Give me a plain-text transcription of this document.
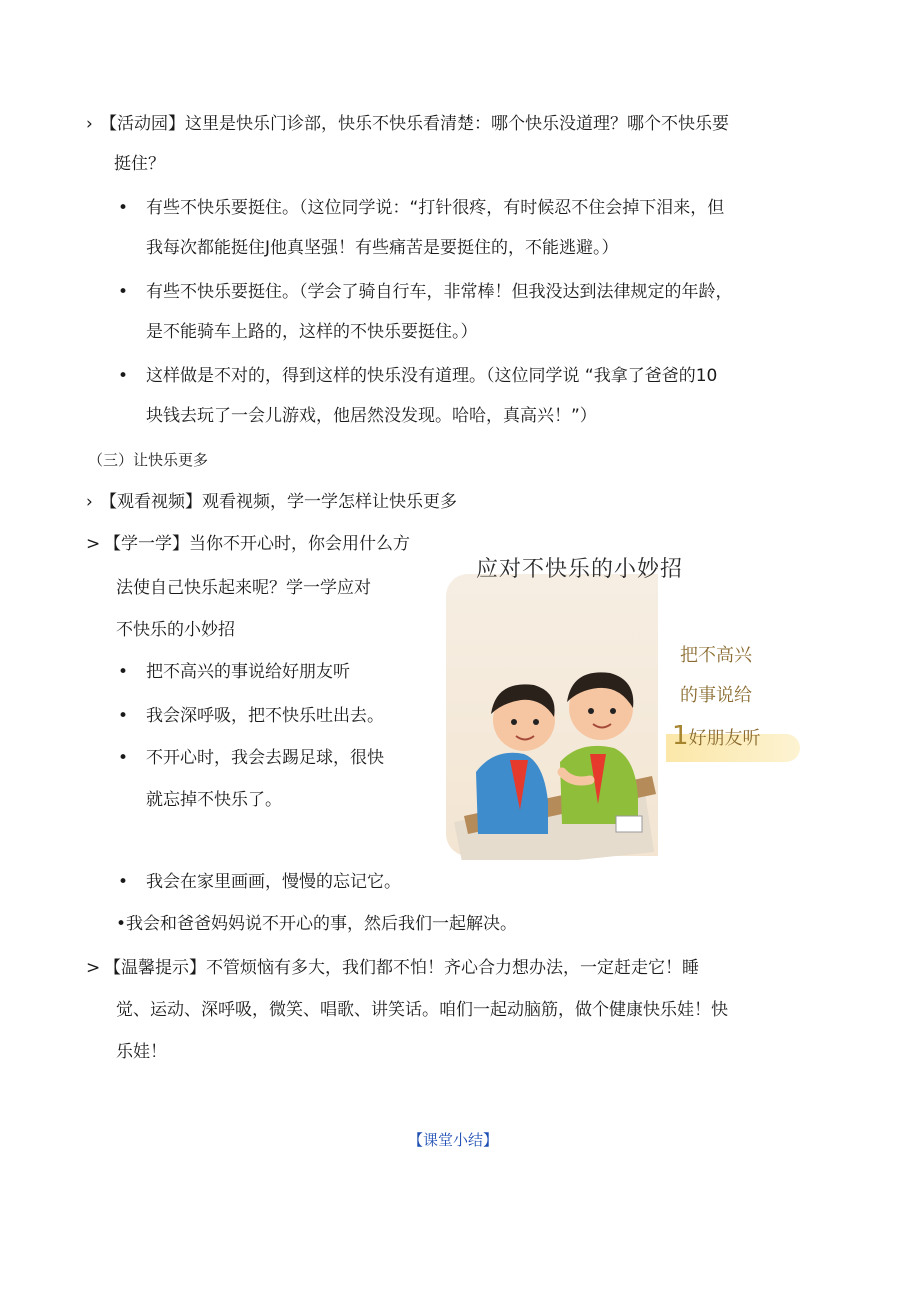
› 【活动园】这里是快乐门诊部，快乐不快乐看清楚：哪个快乐没道理？哪个不快乐要
挺住？
• 有些不快乐要挺住。（这位同学说：“打针很疼，有时候忍不住会掉下泪来，但
我每次都能挺住J他真坚强！有些痛苦是要挺住的，不能逃避。）
• 有些不快乐要挺住。（学会了骑自行车，非常棒！但我没达到法律规定的年龄，
是不能骑车上路的，这样的不快乐要挺住。）
• 这样做是不对的，得到这样的快乐没有道理。（这位同学说 “我拿了爸爸的10
块钱去玩了一会儿游戏，他居然没发现。哈哈，真高兴！”）
（三）让快乐更多
› 【观看视频】观看视频，学一学怎样让快乐更多
> 【学一学】当你不开心时，你会用什么方
法使自己快乐起来呢？学一学应对
不快乐的小妙招
• 把不高兴的事说给好朋友听
• 我会深呼吸，把不快乐吐出去。
• 不开心时，我会去踢足球，很快
就忘掉不快乐了。
应对不快乐的小妙招
把不高兴
的事说给
1好朋友听
• 我会在家里画画，慢慢的忘记它。
•我会和爸爸妈妈说不开心的事，然后我们一起解决。
> 【温馨提示】不管烦恼有多大，我们都不怕！齐心合力想办法，一定赶走它！睡
觉、运动、深呼吸，微笑、唱歌、讲笑话。咱们一起动脑筋，做个健康快乐娃！快
乐娃！
【课堂小结】
